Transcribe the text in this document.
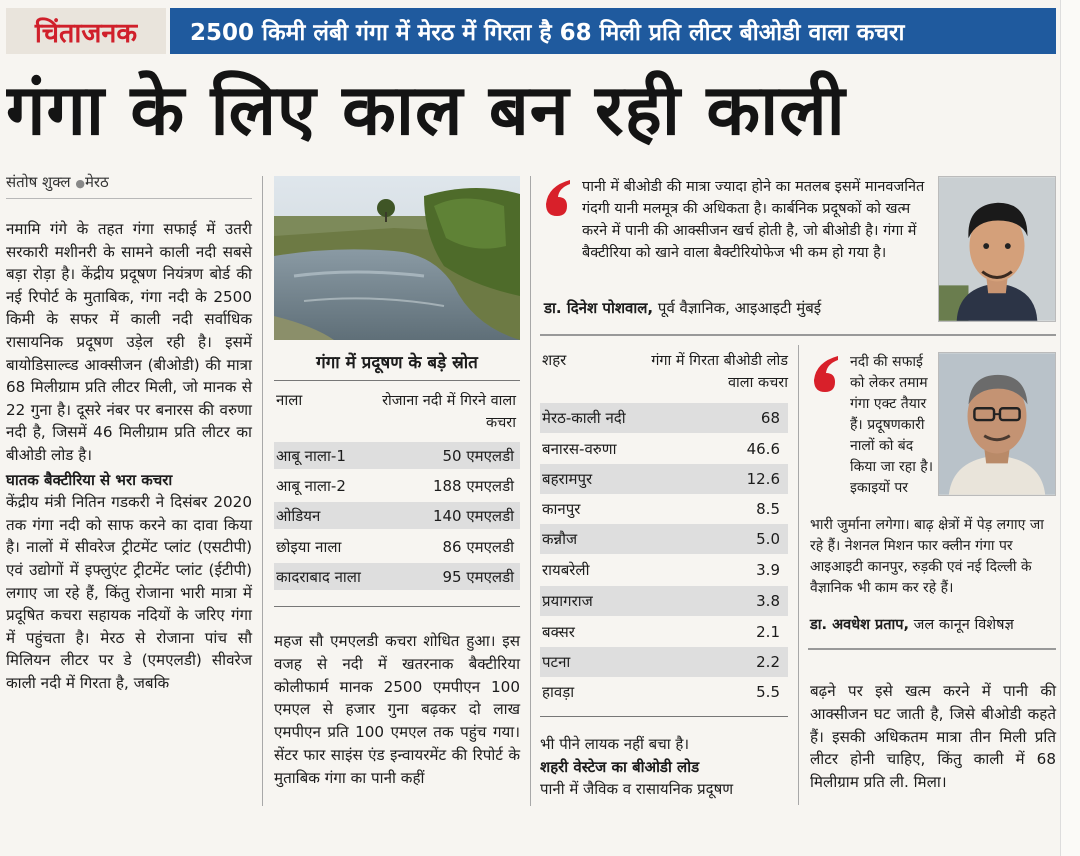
चिंताजनक	2500 किमी लंबी गंगा में मेरठ में गिरता है 68 मिली प्रति लीटर बीओडी वाला कचरा
गंगा के लिए काल बन रही काली
संतोष शुक्ल ●मेरठ

नमामि गंगे के तहत गंगा सफाई में उतरी सरकारी मशीनरी के सामने काली नदी सबसे बड़ा रोड़ा है। केंद्रीय प्रदूषण नियंत्रण बोर्ड की नई रिपोर्ट के मुताबिक, गंगा नदी के 2500 किमी के सफर में काली नदी सर्वाधिक रासायनिक प्रदूषण उड़ेल रही है। इसमें बायोडिसाल्व्ड आक्सीजन (बीओडी) की मात्रा 68 मिलीग्राम प्रति लीटर मिली, जो मानक से 22 गुना है। दूसरे नंबर पर बनारस की वरुणा नदी है, जिसमें 46 मिलीग्राम प्रति लीटर का बीओडी लोड है।

घातक बैक्टीरिया से भरा कचरा

केंद्रीय मंत्री नितिन गडकरी ने दिसंबर 2020 तक गंगा नदी को साफ करने का दावा किया है। नालों में सीवरेज ट्रीटमेंट प्लांट (एसटीपी) एवं उद्योगों में इफ्लुएंट ट्रीटमेंट प्लांट (ईटीपी) लगाए जा रहे हैं, किंतु रोजाना भारी मात्रा में प्रदूषित कचरा सहायक नदियों के जरिए गंगा में पहुंचता है। मेरठ से रोजाना पांच सौ मिलियन लीटर पर डे (एमएलडी) सीवरेज काली नदी में गिरता है, जबकि

गंगा में प्रदूषण के बड़े स्रोत
नाला	रोजाना नदी में गिरने वाला कचरा
आबू नाला-1	50 एमएलडी
आबू नाला-2	188 एमएलडी
ओडियन	140 एमएलडी
छोइया नाला	86 एमएलडी
कादराबाद नाला	95 एमएलडी
महज सौ एमएलडी कचरा शोधित हुआ। इस वजह से नदी में खतरनाक बैक्टीरिया कोलीफार्म मानक 2500 एमपीएन 100 एमएल से हजार गुना बढ़कर दो लाख एमपीएन प्रति 100 एमएल तक पहुंच गया। सेंटर फार साइंस एंड इन्वायरमेंट की रिपोर्ट के मुताबिक गंगा का पानी कहीं
पानी में बीओडी की मात्रा ज्यादा होने का मतलब इसमें मानवजनित गंदगी यानी मलमूत्र की अधिकता है। कार्बनिक प्रदूषकों को खत्म करने में पानी की आक्सीजन खर्च होती है, जो बीओडी है। गंगा में बैक्टीरिया को खाने वाला बैक्टीरियोफेज भी कम हो गया है।
डा. दिनेश पोशवाल, पूर्व वैज्ञानिक, आइआइटी मुंबई
शहर	गंगा में गिरता बीओडी लोड वाला कचरा
मेरठ-काली नदी	68
बनारस-वरुणा	46.6
बहरामपुर	12.6
कानपुर	8.5
कन्नौज	5.0
रायबरेली	3.9
प्रयागराज	3.8
बक्सर	2.1
पटना	2.2
हावड़ा	5.5
भी पीने लायक नहीं बचा है।
शहरी वेस्टेज का बीओडी लोड
पानी में जैविक व रासायनिक प्रदूषण
नदी की सफाई को लेकर तमाम गंगा एक्ट तैयार हैं। प्रदूषणकारी नालों को बंद किया जा रहा है। इकाइयों पर
भारी जुर्माना लगेगा। बाढ़ क्षेत्रों में पेड़ लगाए जा रहे हैं। नेशनल मिशन फार क्लीन गंगा पर आइआइटी कानपुर, रुड़की एवं नई दिल्ली के वैज्ञानिक भी काम कर रहे हैं।
डा. अवधेश प्रताप, जल कानून विशेषज्ञ
बढ़ने पर इसे खत्म करने में पानी की आक्सीजन घट जाती है, जिसे बीओडी कहते हैं। इसकी अधिकतम मात्रा तीन मिली प्रति लीटर होनी चाहिए, किंतु काली में 68 मिलीग्राम प्रति ली. मिला।
